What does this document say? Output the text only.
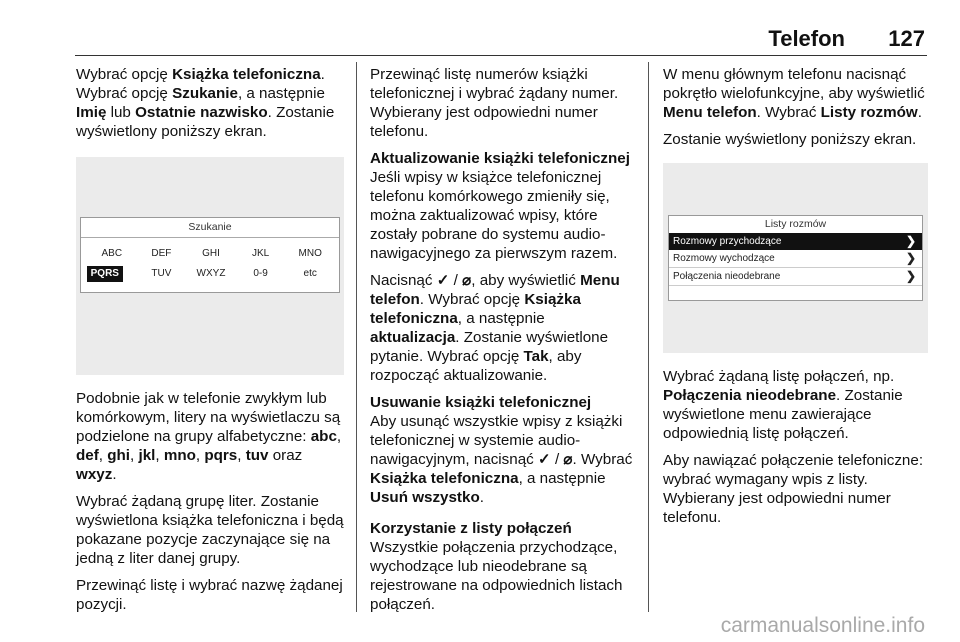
Telefon 127

Wybrać opcję Książka telefoniczna. Wybrać opcję Szukanie, a następnie Imię lub Ostatnie nazwisko. Zostanie wyświetlony poniższy ekran.

Szukanie
ABC	DEF	GHI	JKL	MNO
PQRS	TUV	WXYZ	0-9	etc

Podobnie jak w telefonie zwykłym lub komórkowym, litery na wyświetlaczu są podzielone na grupy alfabetyczne: abc, def, ghi, jkl, mno, pqrs, tuv oraz wxyz.

Wybrać żądaną grupę liter. Zostanie wyświetlona książka telefoniczna i będą pokazane pozycje zaczynające się na jedną z liter danej grupy.

Przewinąć listę i wybrać nazwę żądanej pozycji.

Przewinąć listę numerów książki telefonicznej i wybrać żądany numer. Wybierany jest odpowiedni numer telefonu.

Aktualizowanie książki telefonicznej

Jeśli wpisy w książce telefonicznej telefonu komórkowego zmieniły się, można zaktualizować wpisy, które zostały pobrane do systemu audio-nawigacyjnego za pierwszym razem.

Nacisnąć ✓ / ⌀, aby wyświetlić Menu telefon. Wybrać opcję Książka telefoniczna, a następnie aktualizacja. Zostanie wyświetlone pytanie. Wybrać opcję Tak, aby rozpocząć aktualizowanie.

Usuwanie książki telefonicznej

Aby usunąć wszystkie wpisy z książki telefonicznej w systemie audio-nawigacyjnym, nacisnąć ✓ / ⌀. Wybrać Książka telefoniczna, a następnie Usuń wszystko.

Korzystanie z listy połączeń

Wszystkie połączenia przychodzące, wychodzące lub nieodebrane są rejestrowane na odpowiednich listach połączeń.

W menu głównym telefonu nacisnąć pokrętło wielofunkcyjne, aby wyświetlić Menu telefon. Wybrać Listy rozmów.

Zostanie wyświetlony poniższy ekran.

Listy rozmów
Rozmowy przychodzące	❯
Rozmowy wychodzące	❯
Połączenia nieodebrane	❯

Wybrać żądaną listę połączeń, np. Połączenia nieodebrane. Zostanie wyświetlone menu zawierające odpowiednią listę połączeń.

Aby nawiązać połączenie telefoniczne: wybrać wymagany wpis z listy. Wybierany jest odpowiedni numer telefonu.

carmanualsonline.info
